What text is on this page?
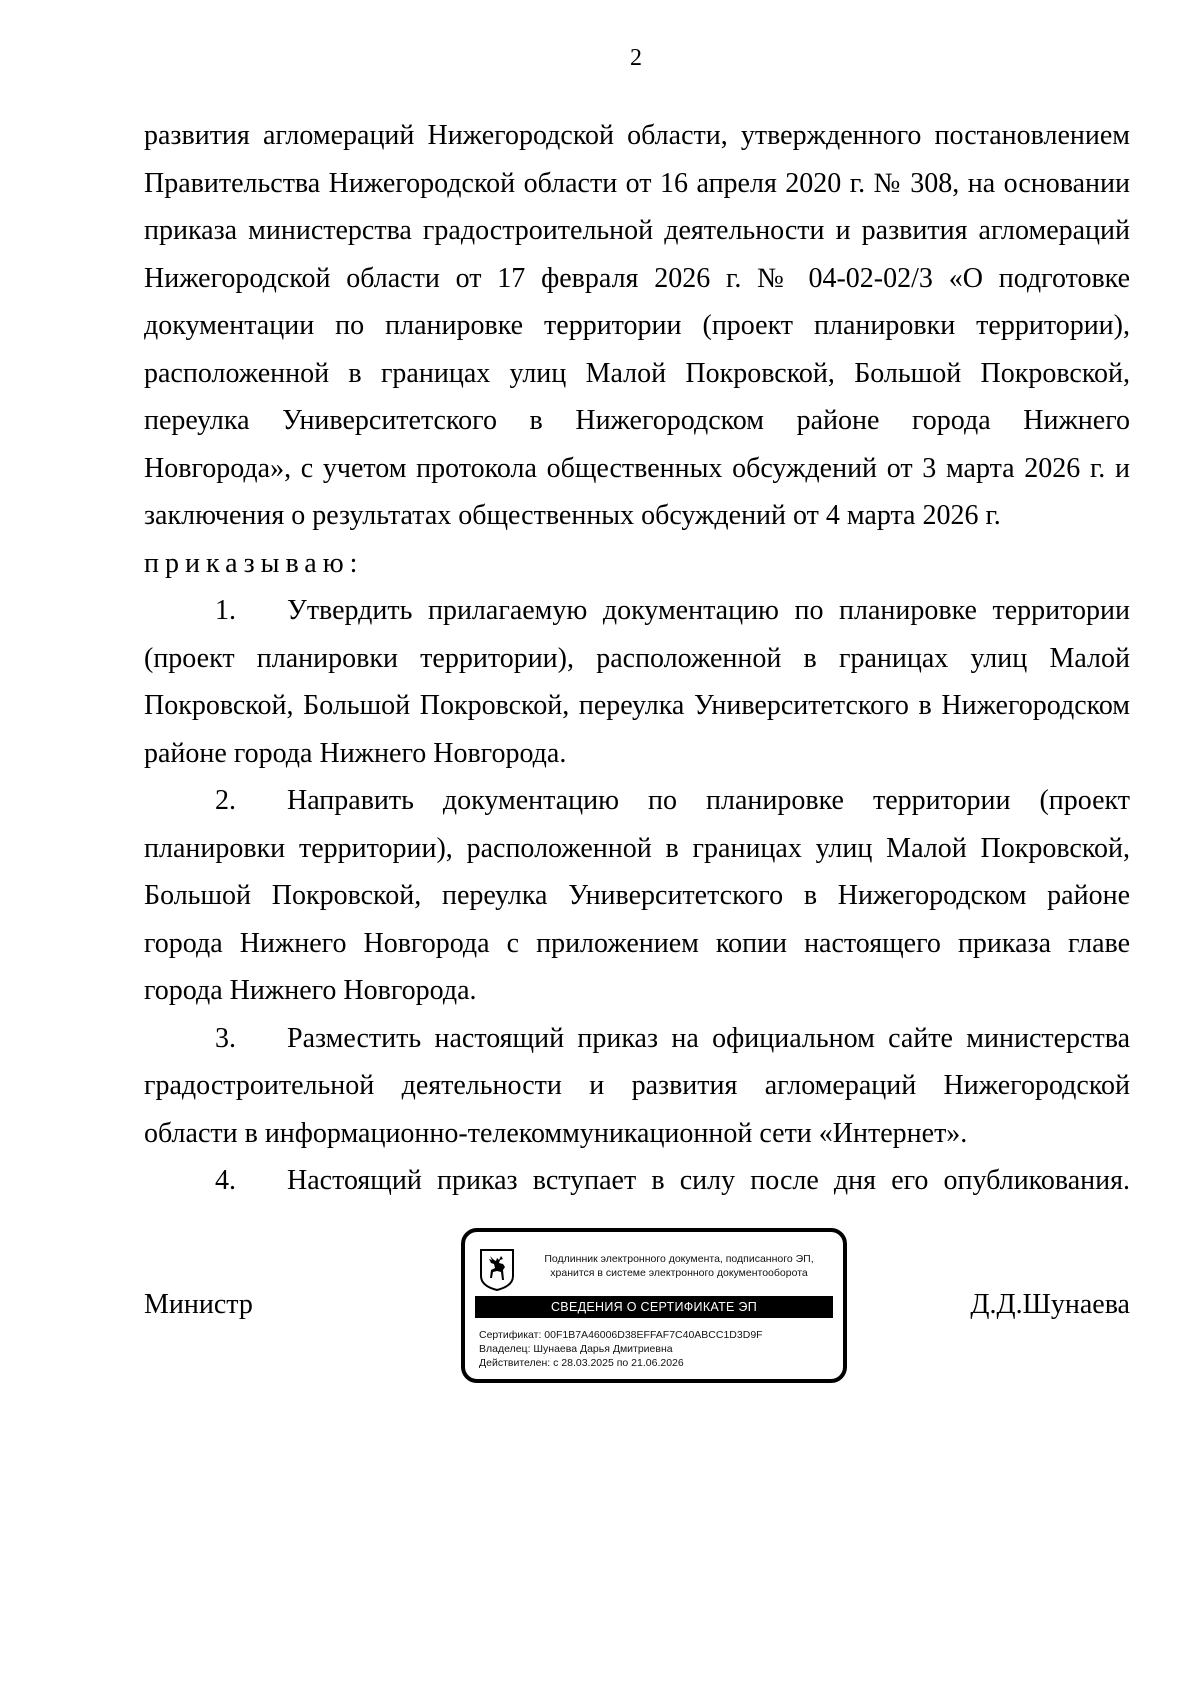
2

развития агломераций Нижегородской области, утвержденного постановлением

Правительства Нижегородской области от 16 апреля 2020 г. № 308, на основании

приказа министерства градостроительной деятельности и развития агломераций

Нижегородской области от 17 февраля 2026 г. № 04-02-02/3 «О подготовке

документации по планировке территории (проект планировки территории),

расположенной в границах улиц Малой Покровской, Большой Покровской,

переулка Университетского в Нижегородском районе города Нижнего

Новгорода», с учетом протокола общественных обсуждений от 3 марта 2026 г. и

заключения о результатах общественных обсуждений от 4 марта 2026 г.

приказываю:

1. Утвердить прилагаемую документацию по планировке территории

(проект планировки территории), расположенной в границах улиц Малой

Покровской, Большой Покровской, переулка Университетского в Нижегородском

районе города Нижнего Новгорода.

2. Направить документацию по планировке территории (проект

планировки территории), расположенной в границах улиц Малой Покровской,

Большой Покровской, переулка Университетского в Нижегородском районе

города Нижнего Новгорода с приложением копии настоящего приказа главе

города Нижнего Новгорода.

3. Разместить настоящий приказ на официальном сайте министерства

градостроительной деятельности и развития агломераций Нижегородской

области в информационно-телекоммуникационной сети «Интернет».

4. Настоящий приказ вступает в силу после дня его опубликования.

Министр
Подлинник электронного документа, подписанного ЭП,
хранится в системе электронного документооборота
СВЕДЕНИЯ О СЕРТИФИКАТЕ ЭП
Сертификат: 00F1B7A46006D38EFFAF7C40ABCC1D3D9F
Владелец: Шунаева Дарья Дмитриевна
Действителен: с 28.03.2025 по 21.06.2026
Д.Д.Шунаева
